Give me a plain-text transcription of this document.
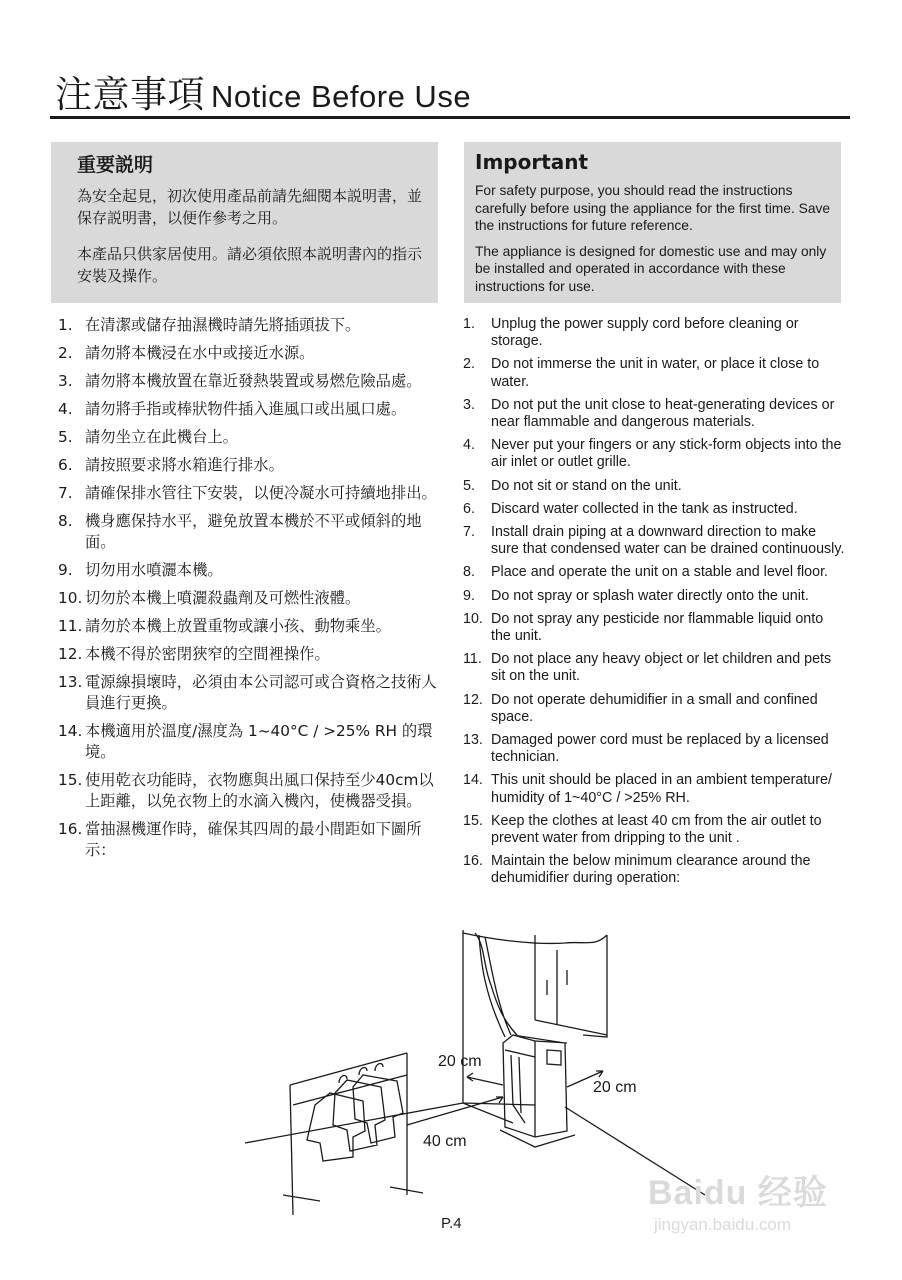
注意事項 Notice Before Use
重要説明

為安全起見，初次使用產品前請先細閱本説明書，並保存説明書，以便作參考之用。

本產品只供家居使用。請必須依照本説明書內的指示安裝及操作。

Important

For safety purpose, you should read the instructions carefully before using the appliance for the first time. Save the instructions for future reference.

The appliance is designed for domestic use and may only be installed and operated in accordance with these instructions for use.

1. 在清潔或儲存抽濕機時請先將插頭拔下。
2. 請勿將本機浸在水中或接近水源。
3. 請勿將本機放置在靠近發熱裝置或易燃危險品處。
4. 請勿將手指或棒狀物件插入進風口或出風口處。
5. 請勿坐立在此機台上。
6. 請按照要求將水箱進行排水。
7. 請確保排水管往下安裝，以便冷凝水可持續地排出。
8. 機身應保持水平，避免放置本機於不平或傾斜的地面。
9. 切勿用水噴灑本機。
10. 切勿於本機上噴灑殺蟲劑及可燃性液體。
11. 請勿於本機上放置重物或讓小孩、動物乘坐。
12. 本機不得於密閉狹窄的空間裡操作。
13. 電源線損壞時，必須由本公司認可或合資格之技術人員進行更換。
14. 本機適用於溫度/濕度為 1~40°C / >25% RH 的環境。
15. 使用乾衣功能時，衣物應與出風口保持至少40cm以上距離，以免衣物上的水滴入機內，使機器受損。
16. 當抽濕機運作時，確保其四周的最小間距如下圖所示：
1. Unplug the power supply cord before cleaning or storage.
2. Do not immerse the unit in water, or place it close to water.
3. Do not put the unit close to heat-generating devices or near flammable and dangerous materials.
4. Never put your fingers or any stick-form objects into the air inlet or outlet grille.
5. Do not sit or stand on the unit.
6. Discard water collected in the tank as instructed.
7. Install drain piping at a downward direction to make sure that condensed water can be drained continuously.
8. Place and operate the unit on a stable and level floor.
9. Do not spray or splash water directly onto the unit.
10. Do not spray any pesticide nor flammable liquid onto the unit.
11. Do not place any heavy object or let children and pets sit on the unit.
12. Do not operate dehumidifier in a small and confined space.
13. Damaged power cord must be replaced by a licensed technician.
14. This unit should be placed in an ambient temperature/ humidity of 1~40°C / >25% RH.
15. Keep the clothes at least 40 cm from the air outlet to prevent water from dripping to the unit .
16. Maintain the below minimum clearance around the dehumidifier during operation:
20 cm
20 cm
40 cm
P.4
Baidu 经验
jingyan.baidu.com
